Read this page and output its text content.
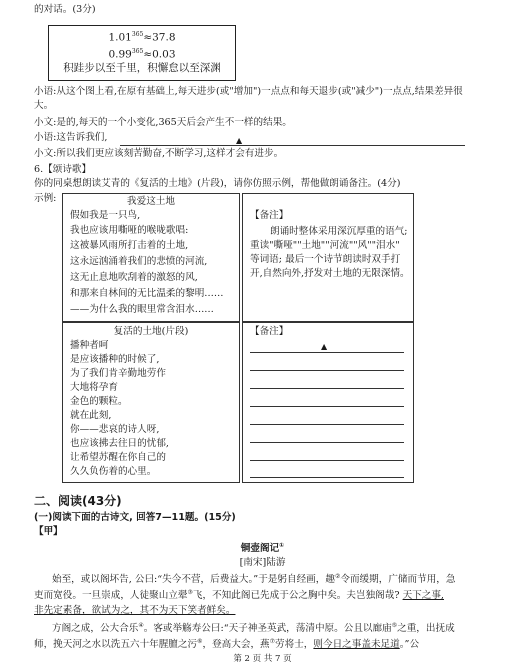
的对话。(3分)
$1.01^{365}\approx 37.8$
$0.99^{365}\approx 0.03$
积跬步以至千里，积懈怠以至深渊
小语:从这个图上看,在原有基础上,每天进步(或"增加")一点点和每天退步(或"减少")一点点,结果差异很
大。
小文:是的,每天的一个小变化,365天后会产生不一样的结果。
小语:这告诉我们,	▲
小文:所以我们更应该刻苦勤奋,不断学习,这样才会有进步。
6.【颂诗歌】
你的同桌想朗读艾青的《复活的土地》(片段)，请你仿照示例，帮他做朗诵备注。(4分)
示例:	我爱这土地
假如我是一只鸟,
我也应该用嘶哑的喉咙歌唱:
这被暴风雨所打击着的土地,
这永远汹涌着我们的悲愤的河流,
这无止息地吹刮着的激怒的风,
和那来自林间的无比温柔的黎明……
——为什么我的眼里常含泪水……
【备注】
朗诵时整体采用深沉厚重的语气;
重读"嘶哑""土地""河流""风""泪水"
等词语; 最后一个诗节朗读时双手打
开,自然向外,抒发对土地的无限深情。
复活的土地(片段)
播种者呵
是应该播种的时候了,
为了我们肯辛勤地劳作
大地将孕育
金色的颗粒。
就在此刻,
你——悲哀的诗人呀,
也应该拂去往日的忧郁,
让希望苏醒在你自己的
久久负伤着的心里。
【备注】
▲
二、阅读(43分)
(一)阅读下面的古诗文, 回答7—11题。(15分)
【甲】
铜壶阁记①
[南宋]陆游
始至，或以阁坏告, 公曰:“失今不营，后费益大。”于是躬自经画，趣②令而缓期，广储而节用，急
吏而宽役。一旦崇成，人徒聚山立翚③飞，不知此阁已先成于公之胸中矣。夫岂独阁哉? 天下之事,
非先定素备，欲试为之，其不为天下笑者鲜矣。
方阁之成，公大合乐④。客或举觞寿公曰:“天子神圣英武，荡清中原。公且以廊庙⑤之重，出抚成
师，挽天河之水以洗五六十年腥膻之污⑥，登高大会，燕⑦劳将士，则今日之事盖未足道。”公
第 2 页 共 7 页
